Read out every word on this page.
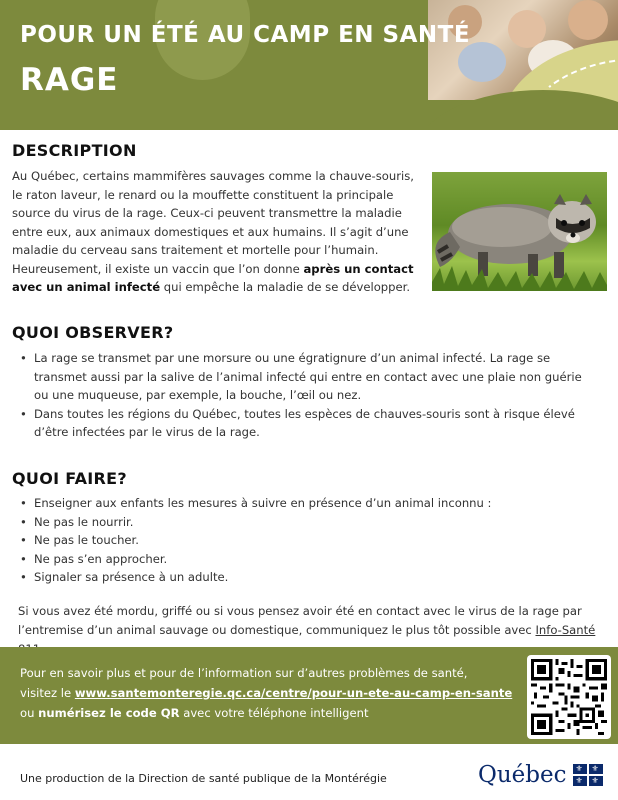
POUR UN ÉTÉ AU CAMP EN SANTÉ
RAGE
DESCRIPTION
Au Québec, certains mammifères sauvages comme la chauve-souris, le raton laveur, le renard ou la mouffette constituent la principale source du virus de la rage. Ceux-ci peuvent transmettre la maladie entre eux, aux animaux domestiques et aux humains. Il s’agit d’une maladie du cerveau sans traitement et mortelle pour l’humain. Heureusement, il existe un vaccin que l’on donne après un contact avec un animal infecté qui empêche la maladie de se développer.
QUOI OBSERVER?
• La rage se transmet par une morsure ou une égratignure d’un animal infecté. La rage se transmet aussi par la salive de l’animal infecté qui entre en contact avec une plaie non guérie ou une muqueuse, par exemple, la bouche, l’œil ou nez.
• Dans toutes les régions du Québec, toutes les espèces de chauves-souris sont à risque élevé d’être infectées par le virus de la rage.
QUOI FAIRE?
• Enseigner aux enfants les mesures à suivre en présence d’un animal inconnu :
• Ne pas le nourrir.
• Ne pas le toucher.
• Ne pas s’en approcher.
• Signaler sa présence à un adulte.
Si vous avez été mordu, griffé ou si vous pensez avoir été en contact avec le virus de la rage par l’entremise d’un animal sauvage ou domestique, communiquez le plus tôt possible avec Info-Santé
Pour en savoir plus et pour de l’information sur d’autres problèmes de santé,
visitez le www.santemonteregie.qc.ca/centre/pour-un-ete-au-camp-en-sante
ou numérisez le code QR avec votre téléphone intelligent
Une production de la Direction de santé publique de la Montérégie	Québec ⚜ ⚜
⚜ ⚜
